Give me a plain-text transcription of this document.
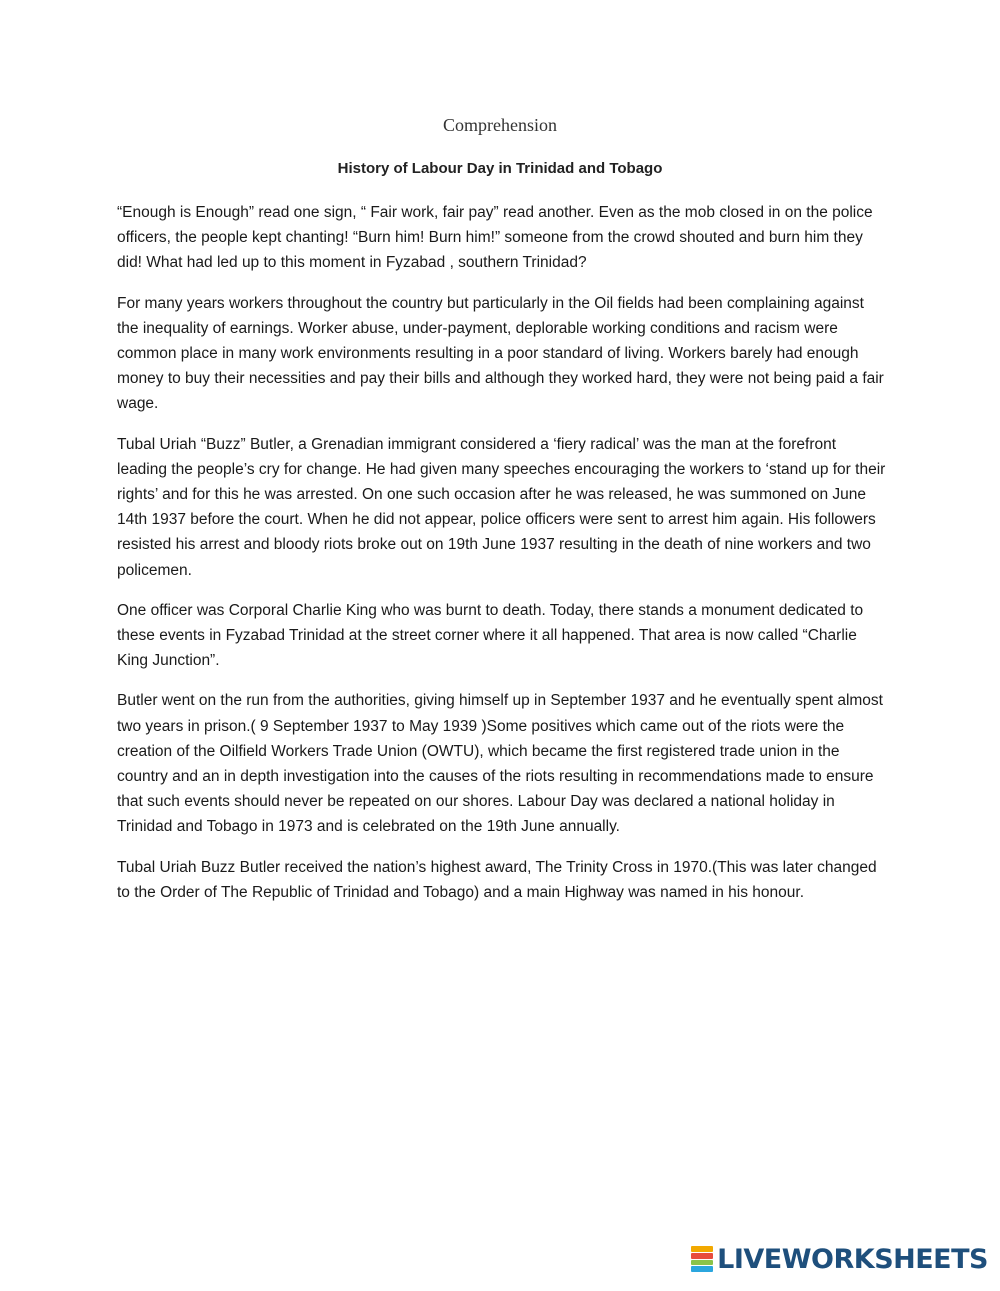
Comprehension
History of Labour Day in Trinidad and Tobago

“Enough is Enough” read one sign, “ Fair work, fair pay” read another. Even as the mob closed in on the police officers, the people kept chanting! “Burn him! Burn him!” someone from the crowd shouted and burn him they did! What had led up to this moment in Fyzabad , southern Trinidad?

For many years workers throughout the country but particularly in the Oil fields had been complaining against the inequality of earnings. Worker abuse, under-payment, deplorable working conditions and racism were common place in many work environments resulting in a poor standard of living. Workers barely had enough money to buy their necessities and pay their bills and although they worked hard, they were not being paid a fair wage.

Tubal Uriah “Buzz” Butler, a Grenadian immigrant considered a ‘fiery radical’ was the man at the forefront leading the people’s cry for change. He had given many speeches encouraging the workers to ‘stand up for their rights’ and for this he was arrested. On one such occasion after he was released, he was summoned on June 14th 1937 before the court. When he did not appear, police officers were sent to arrest him again. His followers resisted his arrest and bloody riots broke out on 19th June 1937 resulting in the death of nine workers and two policemen.

One officer was Corporal Charlie King who was burnt to death. Today, there stands a monument dedicated to these events in Fyzabad Trinidad at the street corner where it all happened. That area is now called “Charlie King Junction”.

Butler went on the run from the authorities, giving himself up in September 1937 and he eventually spent almost two years in prison.( 9 September 1937 to May 1939 )Some positives which came out of the riots were the creation of the Oilfield Workers Trade Union (OWTU), which became the first registered trade union in the country and an in depth investigation into the causes of the riots resulting in recommendations made to ensure that such events should never be repeated on our shores. Labour Day was declared a national holiday in Trinidad and Tobago in 1973 and is celebrated on the 19th June annually.

Tubal Uriah Buzz Butler received the nation’s highest award, The Trinity Cross in 1970.(This was later changed to the Order of The Republic of Trinidad and Tobago) and a main Highway was named in his honour.

LIVEWORKSHEETS
